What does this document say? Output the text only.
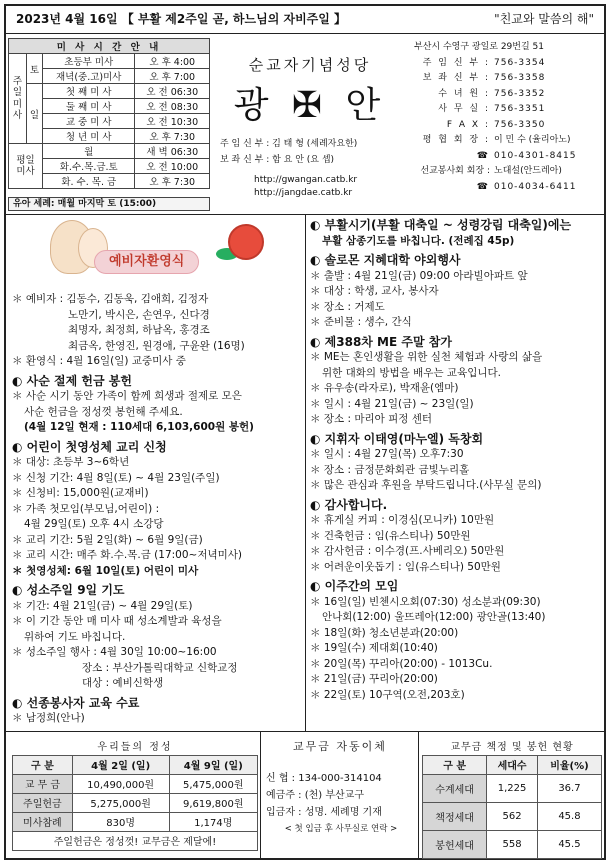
2023년 4월 16일 【 부활 제2주일 곧, 하느님의 자비주일 】	"친교와 말씀의 해"
미 사 시 간 안 내			
주
일
미
사	토	초등부 미사	오 후 4:00
		재녁(중.고)미사	오 후 7:00
	일	첫 째 미 사	오 전 06:30
		둘 째 미 사	오 전 08:30
		교 중 미 사	오 전 10:30
		청 년 미 사	오 후 7:30
평일
미사		월	새 벽 06:30
		화.수.목.금.토	오 전 10:00
		화. 수. 목. 금	오 후 7:30
유아 세례: 매월 마지막 토 (15:00)
순교자기념성당
광 ✠ 안
주 임 신 부 : 김 태 형 (세례자요한)
보 좌 신 부 : 함 요 안 (요 셉)
http://gwangan.catb.kr
http://jangdae.catb.kr
부산시 수영구 광일로 29번길 51
주 임 신 부 : 756-3354
보 좌 신 부 : 756-3358
수 녀 원 : 756-3352
사 무 실 : 756-3351
F A X : 756-3350
평 협 회 장 : 이 민 수 (율리아노)
☎ 010-4301-8415
선교봉사회 회장 : 노대설(안드레아)
☎ 010-4034-6411
예비자환영식
＊ 예비자 : 김동수, 김동욱, 김애희, 김정자
노만기, 박시은, 손연우, 신다경
최명자, 최정희, 하남옥, 홍경조
최금옥, 한영진, 원경애, 구윤완 (16명)
＊ 환영식 : 4월 16일(일) 교중미사 중
◐ 사순 절제 헌금 봉헌
＊ 사순 시기 동안 가족이 함께 희생과 절제로 모은
사순 헌금을 정성껏 봉헌해 주세요.
(4월 12일 현재 : 110세대 6,103,600원 봉헌)
◐ 어린이 첫영성체 교리 신청
＊ 대상: 초등부 3~6학년
＊ 신청 기간: 4월 8일(토) ~ 4월 23일(주일)
＊ 신청비: 15,000원(교재비)
＊ 가족 첫모임(부모님,어린이) :
4월 29일(토) 오후 4시 소강당
＊ 교리 기간: 5월 2일(화) ~ 6월 9일(금)
＊ 교리 시간: 매주 화.수.목.금 (17:00~저녁미사)
＊ 첫영성체: 6월 10일(토) 어린이 미사
◐ 성소주일 9일 기도
＊ 기간: 4월 21일(금) ~ 4월 29일(토)
＊ 이 기간 동안 매 미사 때 성소계발과 육성을
위하여 기도 바칩니다.
＊ 성소주일 행사 : 4월 30일 10:00~16:00
장소 : 부산가톨릭대학교 신학교정
대상 : 예비신학생
◐ 선종봉사자 교육 수료
＊ 남정희(안나)
◐ 부활시기(부활 대축일 ~ 성령강림 대축일)에는
부활 삼종기도를 바칩니다. (전례집 45p)
◐ 솔로몬 지혜대학 야외행사
＊ 출발 : 4월 21일(금) 09:00 아라빌아파트 앞
＊ 대상 : 학생, 교사, 봉사자
＊ 장소 : 거제도
＊ 준비물 : 생수, 간식
◐ 제388차 ME 주말 참가
＊ ME는 혼인생활을 위한 실천 체험과 사랑의 삶을
위한 대화의 방법을 배우는 교육입니다.
＊ 유우송(라자로), 박재윤(엠마)
＊ 일시 : 4월 21일(금) ~ 23일(일)
＊ 장소 : 마리아 피정 센터
◐ 지휘자 이태영(마누엘) 독창회
＊ 일시 : 4월 27일(목) 오후7:30
＊ 장소 : 금정문화회관 금빛누리홀
＊ 많은 관심과 후원을 부탁드립니다.(사무실 문의)
◐ 감사합니다.
＊ 휴게실 커피 : 이경심(모니카) 10만원
＊ 건축헌금 : 임(유스티나) 50만원
＊ 감사헌금 : 이수경(프.사베리오) 50만원
＊ 어려운이웃돕기 : 임(유스티나) 50만원
◐ 이주간의 모임
＊ 16일(일) 빈첸시오회(07:30) 성소분과(09:30)
안나회(12:00) 울뜨레아(12:00) 광안골(13:40)
＊ 18일(화) 청소년분과(20:00)
＊ 19일(수) 제대회(10:40)
＊ 20일(목) 꾸리아(20:00) - 1013Cu.
＊ 21일(금) 꾸리아(20:00)
＊ 22일(토) 10구역(오전,203호)
우리들의 정성		
구 분	4월 2일 (일)	4월 9일 (일)
교 무 금	10,490,000원	5,475,000원
주일헌금	5,275,000원	9,619,800원
미사참례	830명	1,174명
주일헌금은 정성껏! 교무금은 제달에!		
교무금 자동이체
신 협 : 134-000-314104
예금주 : (천) 부산교구
입금자 : 성명. 세례명 기재
< 첫 입금 후 사무실로 연락 >
교무금 책정 및 봉헌 현황		
구 분	세대수	비율(%)
수계세대	1,225	36.7
책정세대	562	45.8
봉헌세대	558	45.5
